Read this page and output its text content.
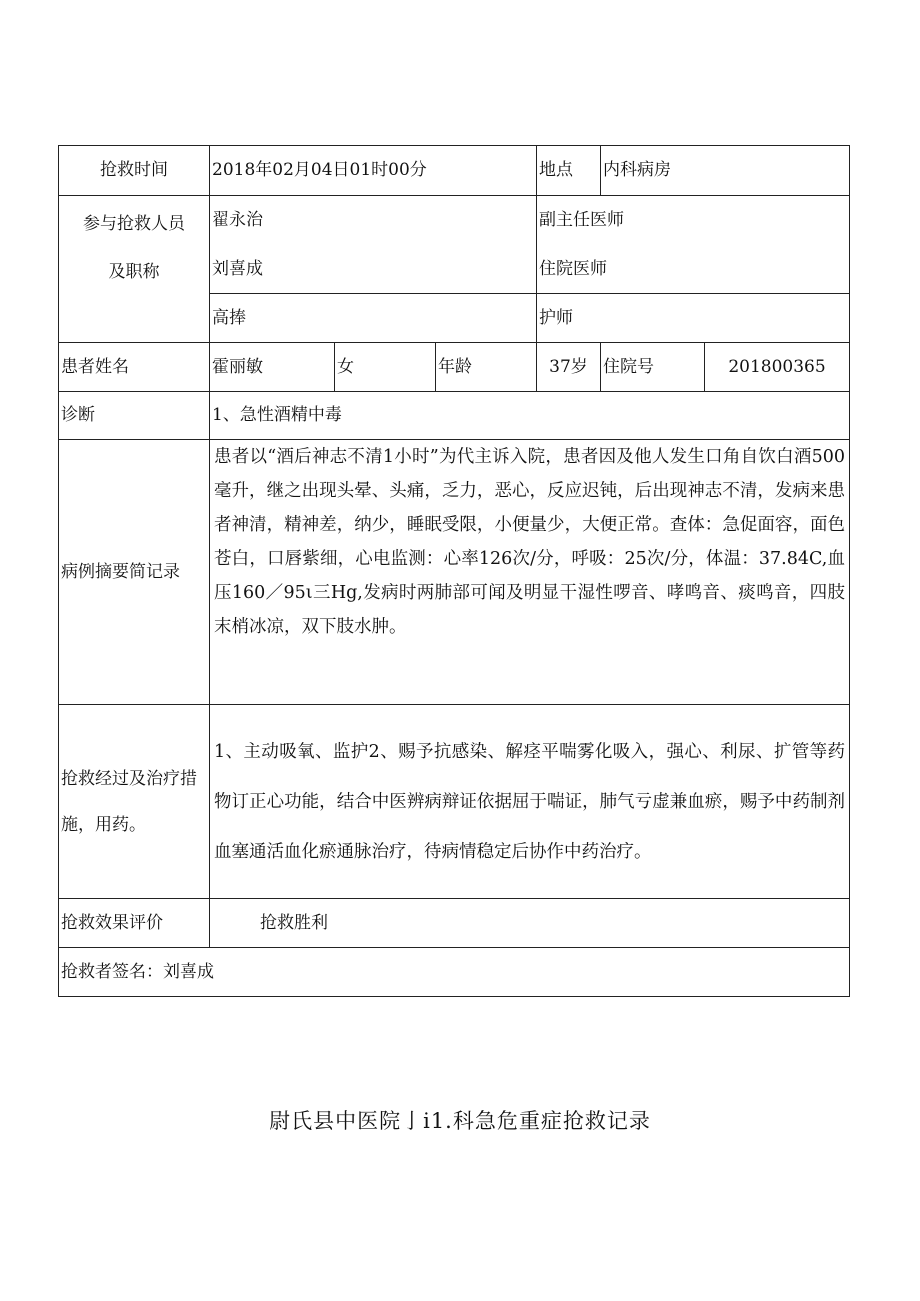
抢救时间	2018年02月04日01时00分			地点	内科病房	

参与抢救人员
及职称	翟永治			副主任医师		
	刘喜成			住院医师		
	高捧			护师		
患者姓名	霍丽敏	女	年龄	37岁	住院号	201800365
诊断	1、急性酒精中毒					
病例摘要简记录	患者以“酒后神志不清1小时”为代主诉入院，患者因及他人发生口角自饮白酒500毫升，继之出现头晕、头痛，乏力，恶心，反应迟钝，后出现神志不清，发病来患者神清，精神差，纳少，睡眠受限，小便量少，大便正常。查体：急促面容，面色苍白，口唇紫细，心电监测：心率126次/分，呼吸：25次/分，体温：37.84C,血压160／95ι三Hg,发病时两肺部可闻及明显干湿性啰音、哮鸣音、痰鸣音，四肢末梢冰凉，双下肢水肿。					

抢救经过及治疗措施，用药。	1、主动吸氧、监护2、赐予抗感染、解痉平喘雾化吸入，强心、利尿、扩管等药物订正心功能，结合中医辨病辩证依据屈于喘证，肺气亏虚兼血瘀，赐予中药制剂血塞通活血化瘀通脉治疗，待病情稳定后协作中药治疗。					

抢救效果评价	抢救胜利					
抢救者签名：刘喜成						
尉氏县中医院亅i1.科急危重症抢救记录
